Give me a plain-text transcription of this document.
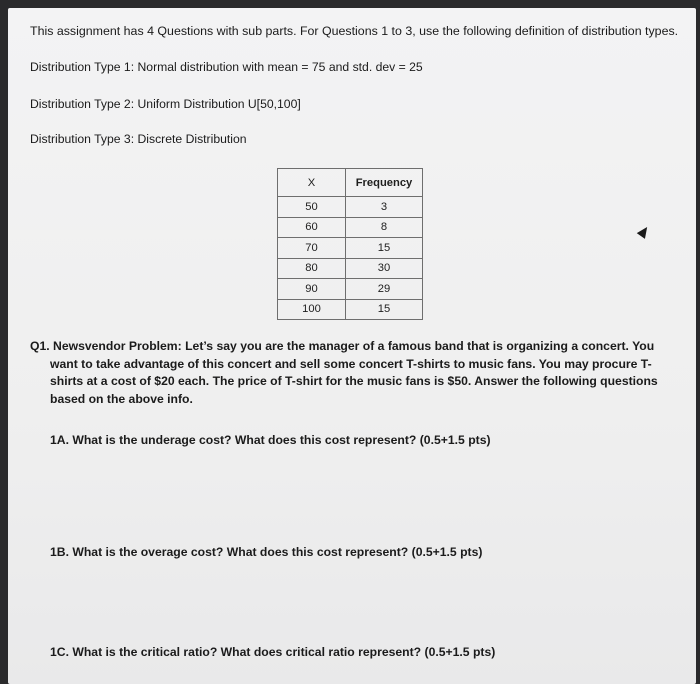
This assignment has 4 Questions with sub parts. For Questions 1 to 3, use the following definition of distribution types.
Distribution Type 1: Normal distribution with mean = 75 and std. dev = 25
Distribution Type 2: Uniform Distribution U[50,100]
Distribution Type 3: Discrete Distribution
X	Frequency
50	3
60	8
70	15
80	30
90	29
100	15
Q1. Newsvendor Problem: Let’s say you are the manager of a famous band that is organizing a concert. You want to take advantage of this concert and sell some concert T-shirts to music fans. You may procure T-shirts at a cost of $20 each. The price of T-shirt for the music fans is $50. Answer the following questions based on the above info.
1A. What is the underage cost? What does this cost represent? (0.5+1.5 pts)
1B. What is the overage cost? What does this cost represent? (0.5+1.5 pts)
1C. What is the critical ratio? What does critical ratio represent? (0.5+1.5 pts)
